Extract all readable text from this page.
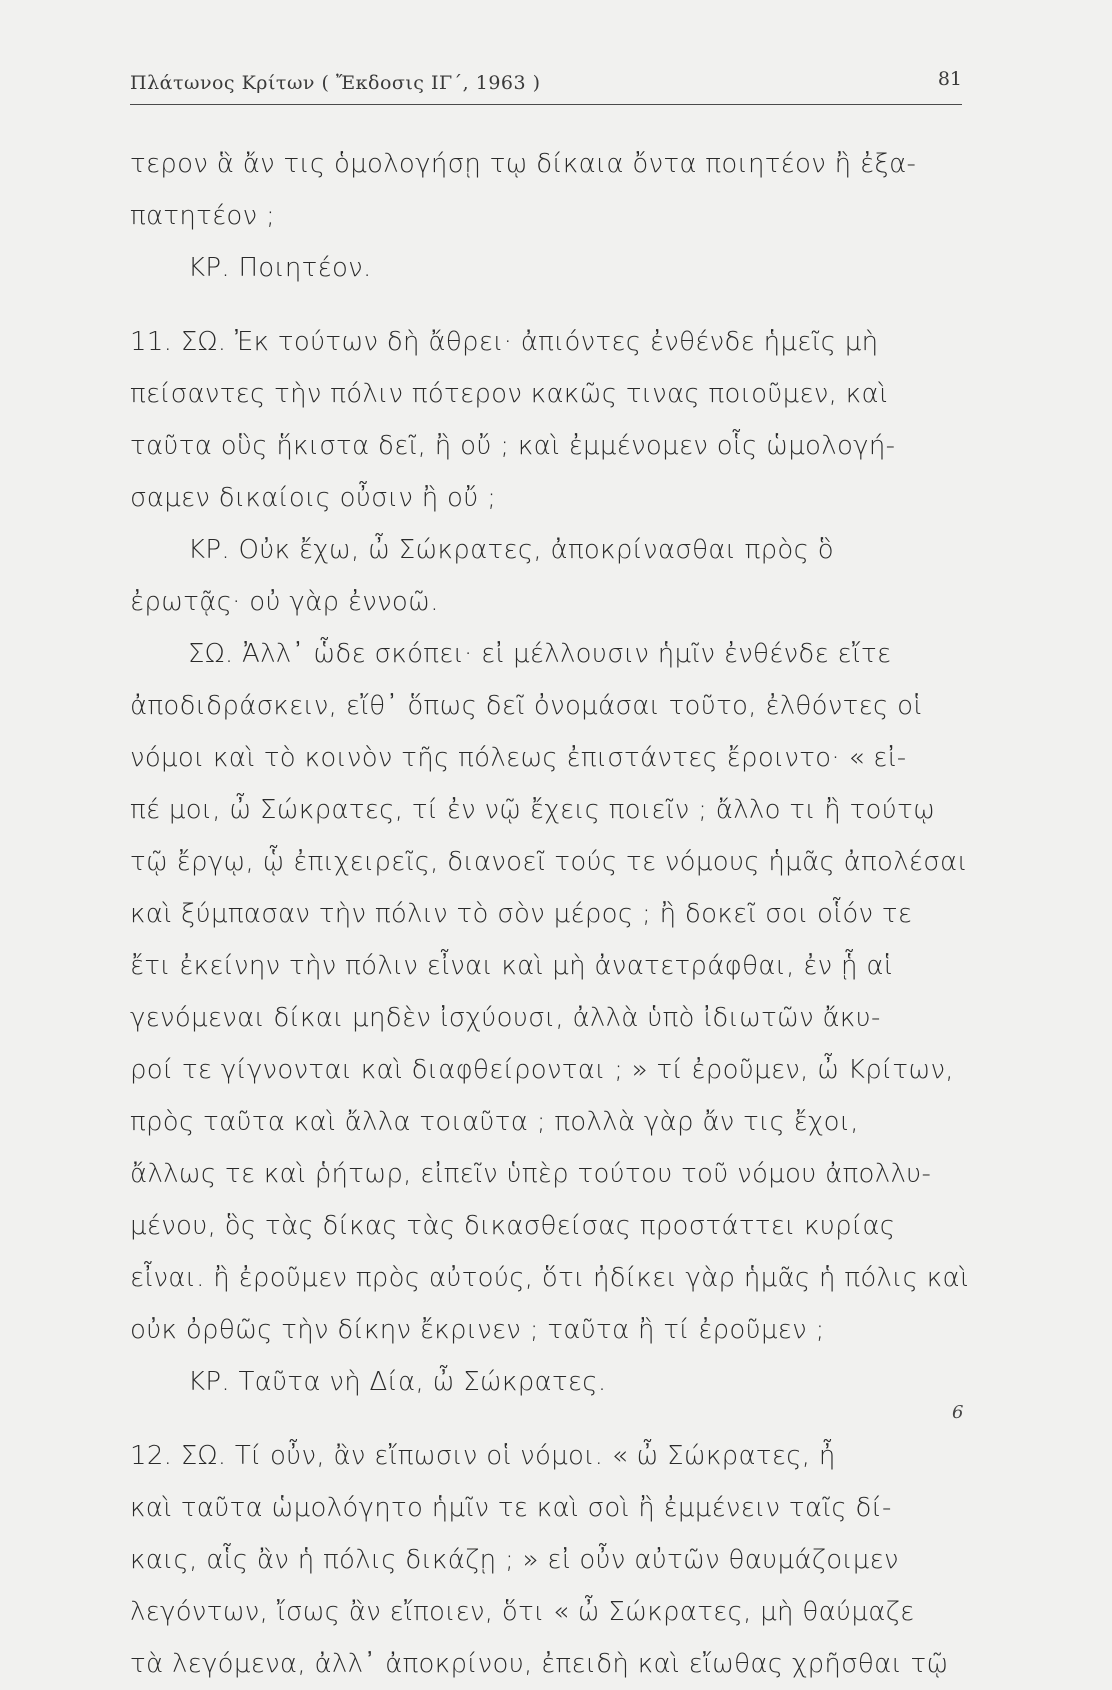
Πλάτωνος Κρίτων ( Ἔκδοσις ΙΓ΄, 1963 )	81
τερον ἃ ἄν τις ὁμολογήσῃ τῳ δίκαια ὄντα ποιητέον ἢ ἐξα-
πατητέον ;
ΚΡ. Ποιητέον.
11. ΣΩ. Ἐκ τούτων δὴ ἄθρει· ἀπιόντες ἐνθένδε ἡμεῖς μὴ
πείσαντες τὴν πόλιν πότερον κακῶς τινας ποιοῦμεν, καὶ
ταῦτα οὓς ἥκιστα δεῖ, ἢ οὔ ; καὶ ἐμμένομεν οἷς ὡμολογή-
σαμεν δικαίοις οὖσιν ἢ οὔ ;
ΚΡ. Οὐκ ἔχω, ὦ Σώκρατες, ἀποκρίνασθαι πρὸς ὃ
ἐρωτᾷς· οὐ γὰρ ἐννοῶ.
ΣΩ. Ἀλλ᾽ ὧδε σκόπει· εἰ μέλλουσιν ἡμῖν ἐνθένδε εἴτε
ἀποδιδράσκειν, εἴθ᾽ ὅπως δεῖ ὀνομάσαι τοῦτο, ἐλθόντες οἱ
νόμοι καὶ τὸ κοινὸν τῆς πόλεως ἐπιστάντες ἔροιντο· « εἰ-
πέ μοι, ὦ Σώκρατες, τί ἐν νῷ ἔχεις ποιεῖν ; ἄλλο τι ἢ τούτῳ
τῷ ἔργῳ, ᾧ ἐπιχειρεῖς, διανοεῖ τούς τε νόμους ἡμᾶς ἀπολέσαι
καὶ ξύμπασαν τὴν πόλιν τὸ σὸν μέρος ; ἢ δοκεῖ σοι οἷόν τε
ἔτι ἐκείνην τὴν πόλιν εἶναι καὶ μὴ ἀνατετράφθαι, ἐν ᾗ αἱ
γενόμεναι δίκαι μηδὲν ἰσχύουσι, ἀλλὰ ὑπὸ ἰδιωτῶν ἄκυ-
ροί τε γίγνονται καὶ διαφθείρονται ; » τί ἐροῦμεν, ὦ Κρίτων,
πρὸς ταῦτα καὶ ἄλλα τοιαῦτα ; πολλὰ γὰρ ἄν τις ἔχοι,
ἄλλως τε καὶ ῥήτωρ, εἰπεῖν ὑπὲρ τούτου τοῦ νόμου ἀπολλυ-
μένου, ὃς τὰς δίκας τὰς δικασθείσας προστάττει κυρίας
εἶναι. ἢ ἐροῦμεν πρὸς αὐτούς, ὅτι ἠδίκει γὰρ ἡμᾶς ἡ πόλις καὶ
οὐκ ὀρθῶς τὴν δίκην ἔκρινεν ; ταῦτα ἢ τί ἐροῦμεν ;
ΚΡ. Ταῦτα νὴ Δία, ὦ Σώκρατες.
12. ΣΩ. Τί οὖν, ἂν εἴπωσιν οἱ νόμοι. « ὦ Σώκρατες, ἦ
καὶ ταῦτα ὡμολόγητο ἡμῖν τε καὶ σοὶ ἢ ἐμμένειν ταῖς δί-
καις, αἷς ἂν ἡ πόλις δικάζῃ ; » εἰ οὖν αὐτῶν θαυμάζοιμεν
λεγόντων, ἴσως ἂν εἴποιεν, ὅτι « ὦ Σώκρατες, μὴ θαύμαζε
τὰ λεγόμενα, ἀλλ᾽ ἀποκρίνου, ἐπειδὴ καὶ εἴωθας χρῆσθαι τῷ
6
